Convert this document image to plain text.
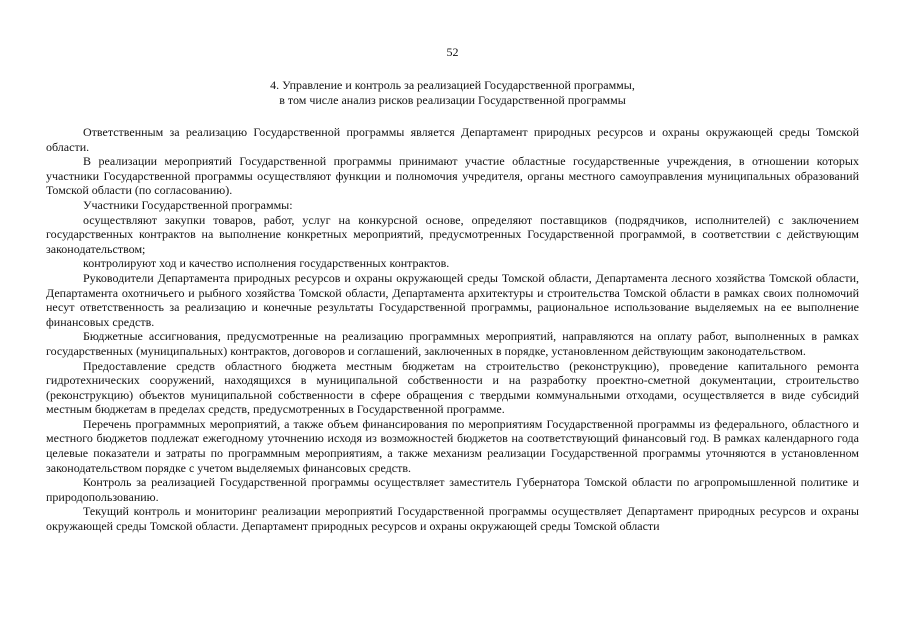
52
4. Управление и контроль за реализацией Государственной программы,
в том числе анализ рисков реализации Государственной программы

Ответственным за реализацию Государственной программы является Департамент природных ресурсов и охраны окружающей среды Томской области.

В реализации мероприятий Государственной программы принимают участие областные государственные учреждения, в отношении которых участники Государственной программы осуществляют функции и полномочия учредителя, органы местного самоуправления муниципальных образований Томской области (по согласованию).

Участники Государственной программы:

осуществляют закупки товаров, работ, услуг на конкурсной основе, определяют поставщиков (подрядчиков, исполнителей) с заключением государственных контрактов на выполнение конкретных мероприятий, предусмотренных Государственной программой, в соответствии с действующим законодательством;

контролируют ход и качество исполнения государственных контрактов.

Руководители Департамента природных ресурсов и охраны окружающей среды Томской области, Департамента лесного хозяйства Томской области, Департамента охотничьего и рыбного хозяйства Томской области, Департамента архитектуры и строительства Томской области в рамках своих полномочий несут ответственность за реализацию и конечные результаты Государственной программы, рациональное использование выделяемых на ее выполнение финансовых средств.

Бюджетные ассигнования, предусмотренные на реализацию программных мероприятий, направляются на оплату работ, выполненных в рамках государственных (муниципальных) контрактов, договоров и соглашений, заключенных в порядке, установленном действующим законодательством.

Предоставление средств областного бюджета местным бюджетам на строительство (реконструкцию), проведение капитального ремонта гидротехнических сооружений, находящихся в муниципальной собственности и на разработку проектно-сметной документации, строительство (реконструкцию) объектов муниципальной собственности в сфере обращения с твердыми коммунальными отходами, осуществляется в виде субсидий местным бюджетам в пределах средств, предусмотренных в Государственной программе.

Перечень программных мероприятий, а также объем финансирования по мероприятиям Государственной программы из федерального, областного и местного бюджетов подлежат ежегодному уточнению исходя из возможностей бюджетов на соответствующий финансовый год. В рамках календарного года целевые показатели и затраты по программным мероприятиям, а также механизм реализации Государственной программы уточняются в установленном законодательством порядке с учетом выделяемых финансовых средств.

Контроль за реализацией Государственной программы осуществляет заместитель Губернатора Томской области по агропромышленной политике и природопользованию.

Текущий контроль и мониторинг реализации мероприятий Государственной программы осуществляет Департамент природных ресурсов и охраны окружающей среды Томской области. Департамент природных ресурсов и охраны окружающей среды Томской области
